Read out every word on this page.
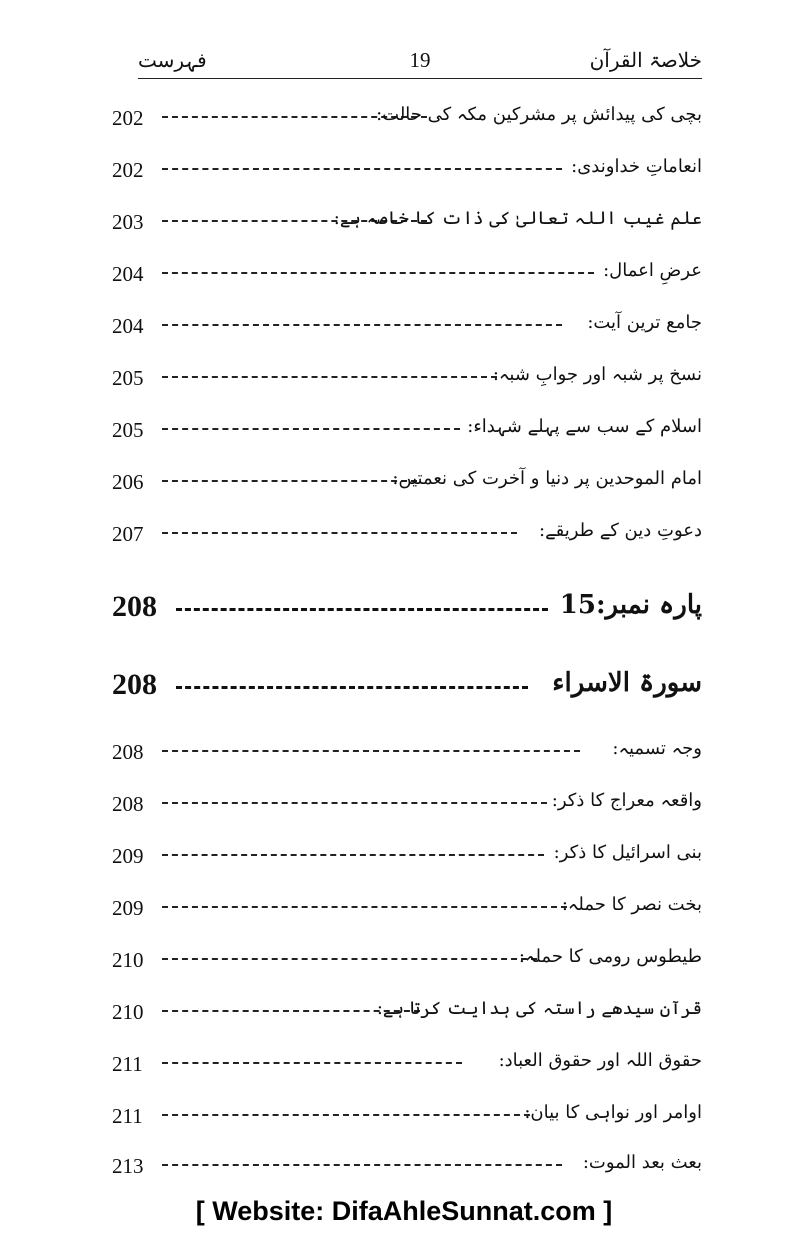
فہرست	19	خلاصۃ القرآن
202	بچی کی پیدائش پر مشرکین مکہ کی حالت:
202	انعاماتِ خداوندی:
203	علم غیب اللہ تعالیٰ کی ذات کا خاصہ ہے:
204	عرضِ اعمال:
204	جامع ترین آیت:
205	نسخ پر شبہ اور جوابِ شبہ:
205	اسلام کے سب سے پہلے شہداء:
206	امام الموحدین پر دنیا و آخرت کی نعمتیں:
207	دعوتِ دین کے طریقے:
208	پارہ نمبر:15
208	سورۃ الاسراء
208	وجہ تسمیہ:
208	واقعہ معراج کا ذکر:
209	بنی اسرائیل کا ذکر:
209	بخت نصر کا حملہ:
210	طیطوس رومی کا حملہ:
210	قرآن سیدھے راستہ کی ہدایت کرتا ہے:
211	حقوق اللہ اور حقوق العباد:
211	اوامر اور نواہی کا بیان:
213	بعث بعد الموت:
[ Website: DifaAhleSunnat.com ]
